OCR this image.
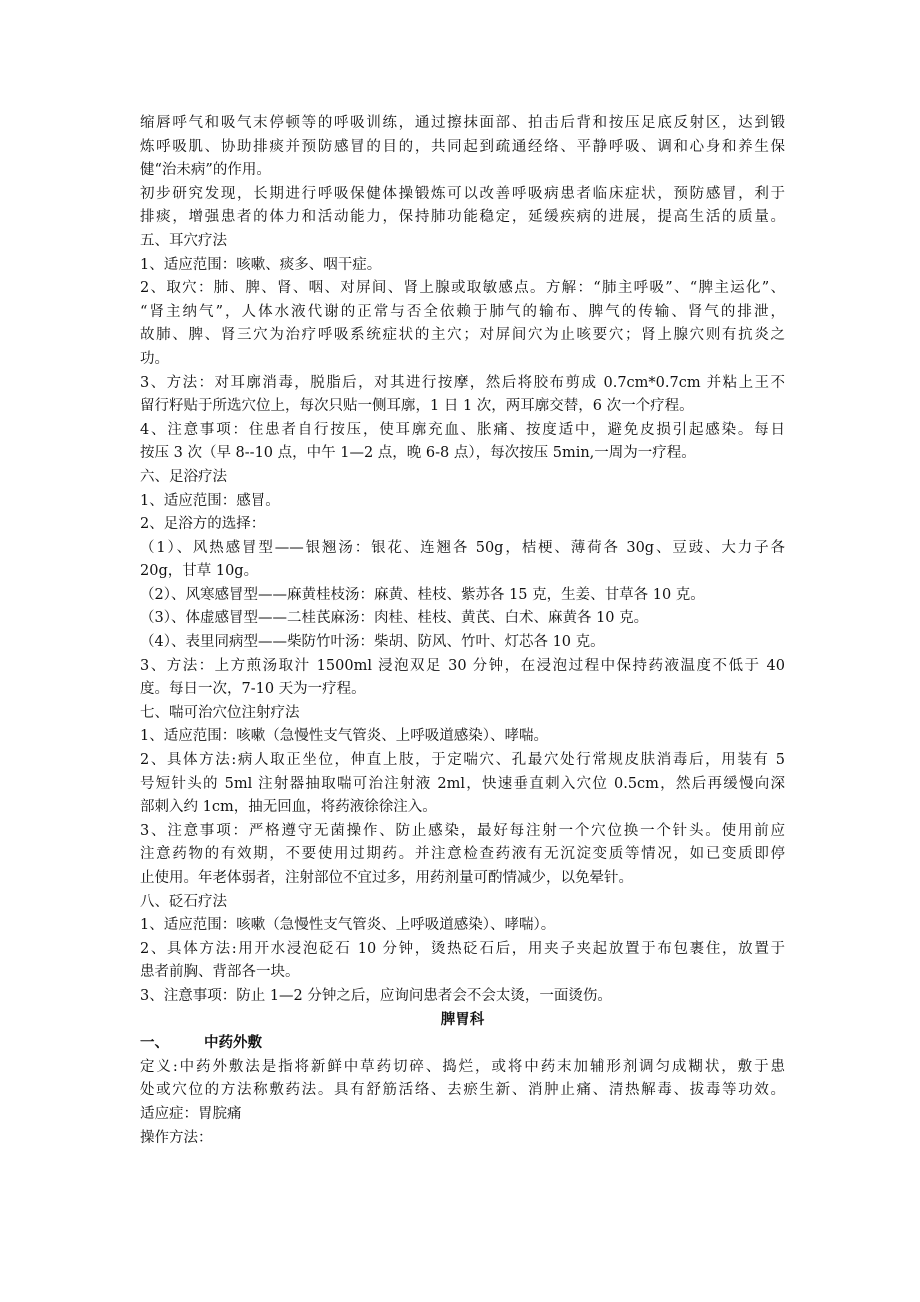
缩唇呼气和吸气末停顿等的呼吸训练，通过擦抹面部、拍击后背和按压足底反射区，达到锻
炼呼吸肌、协助排痰并预防感冒的目的，共同起到疏通经络、平静呼吸、调和心身和养生保
健“治未病”的作用。
初步研究发现，长期进行呼吸保健体操锻炼可以改善呼吸病患者临床症状，预防感冒，利于
排痰，增强患者的体力和活动能力，保持肺功能稳定，延缓疾病的进展，提高生活的质量。
五、耳穴疗法
1、适应范围：咳嗽、痰多、咽干症。
2、取穴：肺、脾、肾、咽、对屏间、肾上腺或取敏感点。方解：“肺主呼吸”、“脾主运化”、
“肾主纳气”，人体水液代谢的正常与否全依赖于肺气的输布、脾气的传输、肾气的排泄，
故肺、脾、肾三穴为治疗呼吸系统症状的主穴；对屏间穴为止咳要穴；肾上腺穴则有抗炎之
功。
3、方法：对耳廓消毒，脱脂后，对其进行按摩，然后将胶布剪成 0.7cm*0.7cm 并粘上王不
留行籽贴于所选穴位上，每次只贴一侧耳廓，1 日 1 次，两耳廓交替，6 次一个疗程。
4、注意事项：住患者自行按压，使耳廓充血、胀痛、按度适中，避免皮损引起感染。每日
按压 3 次（早 8--10 点，中午 1—2 点，晚 6-8 点），每次按压 5min,一周为一疗程。
六、足浴疗法
1、适应范围：感冒。
2、足浴方的选择：
（1）、风热感冒型——银翘汤：银花、连翘各 50g，桔梗、薄荷各 30g、豆豉、大力子各
20g，甘草 10g。
（2）、风寒感冒型——麻黄桂枝汤：麻黄、桂枝、紫苏各 15 克，生姜、甘草各 10 克。
（3）、体虚感冒型——二桂芪麻汤：肉桂、桂枝、黄芪、白术、麻黄各 10 克。
（4）、表里同病型——柴防竹叶汤：柴胡、防风、竹叶、灯芯各 10 克。
3、方法：上方煎汤取汁 1500ml 浸泡双足 30 分钟，在浸泡过程中保持药液温度不低于 40
度。每日一次，7-10 天为一疗程。
七、喘可治穴位注射疗法
1、适应范围：咳嗽（急慢性支气管炎、上呼吸道感染）、哮喘。
2、具体方法:病人取正坐位，伸直上肢，于定喘穴、孔最穴处行常规皮肤消毒后，用装有 5
号短针头的 5ml 注射器抽取喘可治注射液 2ml，快速垂直刺入穴位 0.5cm，然后再缓慢向深
部刺入约 1cm，抽无回血，将药液徐徐注入。
3、注意事项：严格遵守无菌操作、防止感染，最好每注射一个穴位换一个针头。使用前应
注意药物的有效期，不要使用过期药。并注意检查药液有无沉淀变质等情况，如已变质即停
止使用。年老体弱者，注射部位不宜过多，用药剂量可酌情减少，以免晕针。
八、砭石疗法
1、适应范围：咳嗽（急慢性支气管炎、上呼吸道感染）、哮喘）。
2、具体方法:用开水浸泡砭石 10 分钟，烫热砭石后，用夹子夹起放置于布包裹住，放置于
患者前胸、背部各一块。
3、注意事项：防止 1—2 分钟之后，应询问患者会不会太烫，一面烫伤。
脾胃科
一、 中药外敷
定义:中药外敷法是指将新鲜中草药切碎、捣烂，或将中药末加辅形剂调匀成糊状，敷于患
处或穴位的方法称敷药法。具有舒筋活络、去瘀生新、消肿止痛、清热解毒、拔毒等功效。
适应症：胃脘痛
操作方法：
